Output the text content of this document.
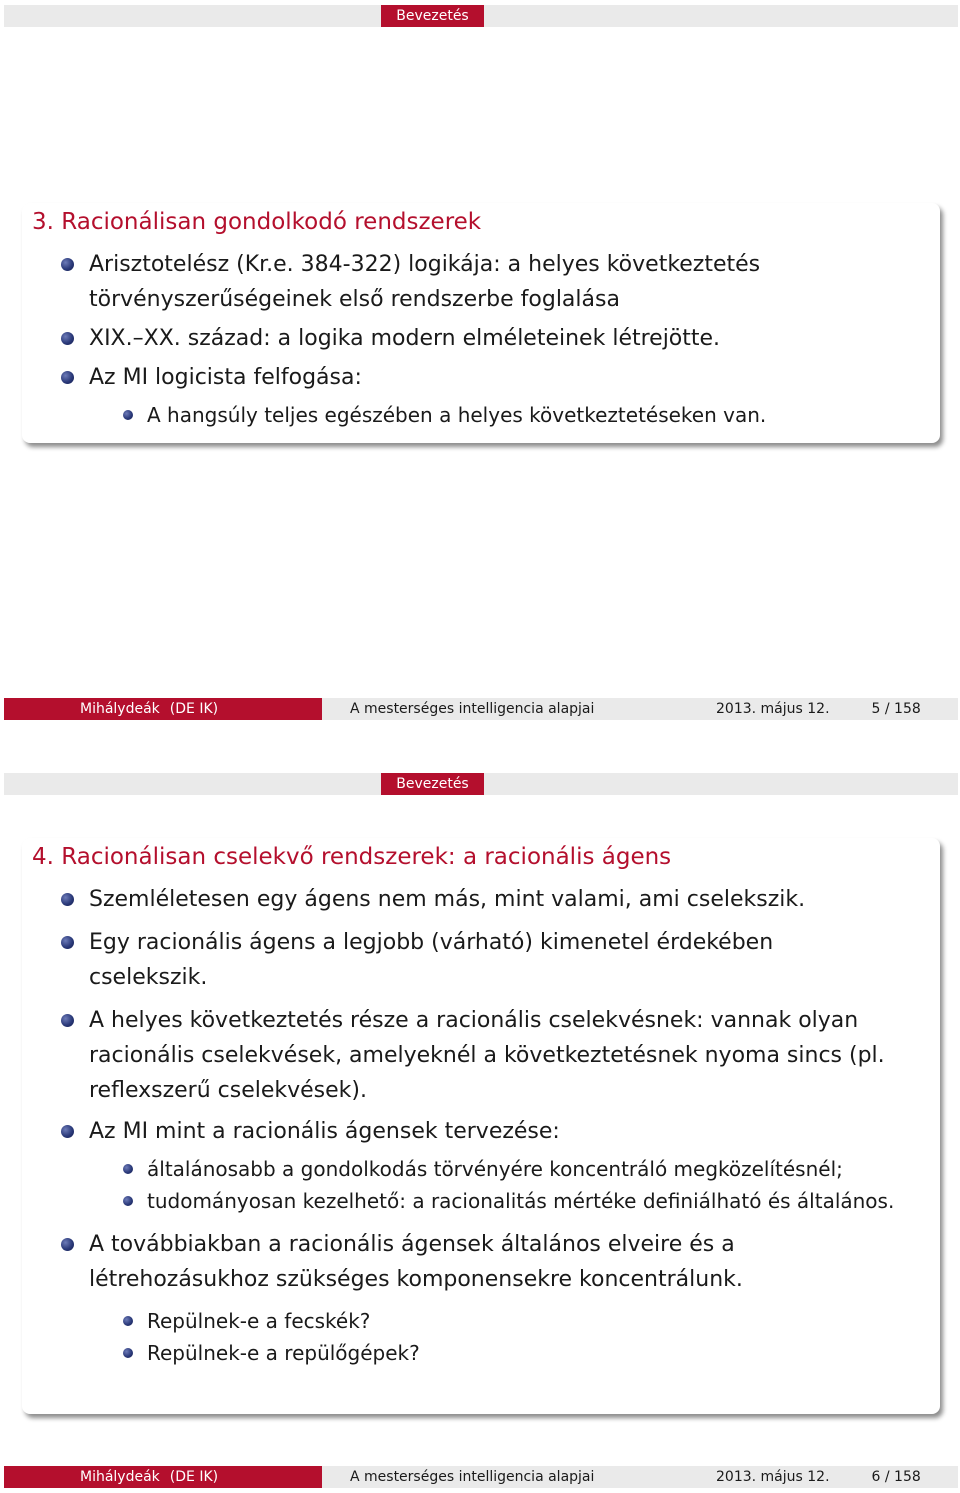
Bevezetés
3. Racionálisan gondolkodó rendszerek
Arisztotelész (Kr.e. 384-322) logikája: a helyes következtetés törvényszerűségeinek első rendszerbe foglalása
XIX.–XX. század: a logika modern elméleteinek létrejötte.
Az MI logicista felfogása:
A hangsúly teljes egészében a helyes következtetéseken van.
Mihálydeák (DE IK)	A mesterséges intelligencia alapjai	2013. május 12.	5 / 158
Bevezetés
4. Racionálisan cselekvő rendszerek: a racionális ágens
Szemléletesen egy ágens nem más, mint valami, ami cselekszik.
Egy racionális ágens a legjobb (várható) kimenetel érdekében cselekszik.
A helyes következtetés része a racionális cselekvésnek: vannak olyan racionális cselekvések, amelyeknél a következtetésnek nyoma sincs (pl. reflexszerű cselekvések).
Az MI mint a racionális ágensek tervezése:
általánosabb a gondolkodás törvényére koncentráló megközelítésnél;
tudományosan kezelhető: a racionalitás mértéke definiálható és általános.
A továbbiakban a racionális ágensek általános elveire és a létrehozásukhoz szükséges komponensekre koncentrálunk.
Repülnek-e a fecskék?
Repülnek-e a repülőgépek?
Mihálydeák (DE IK)	A mesterséges intelligencia alapjai	2013. május 12.	6 / 158
